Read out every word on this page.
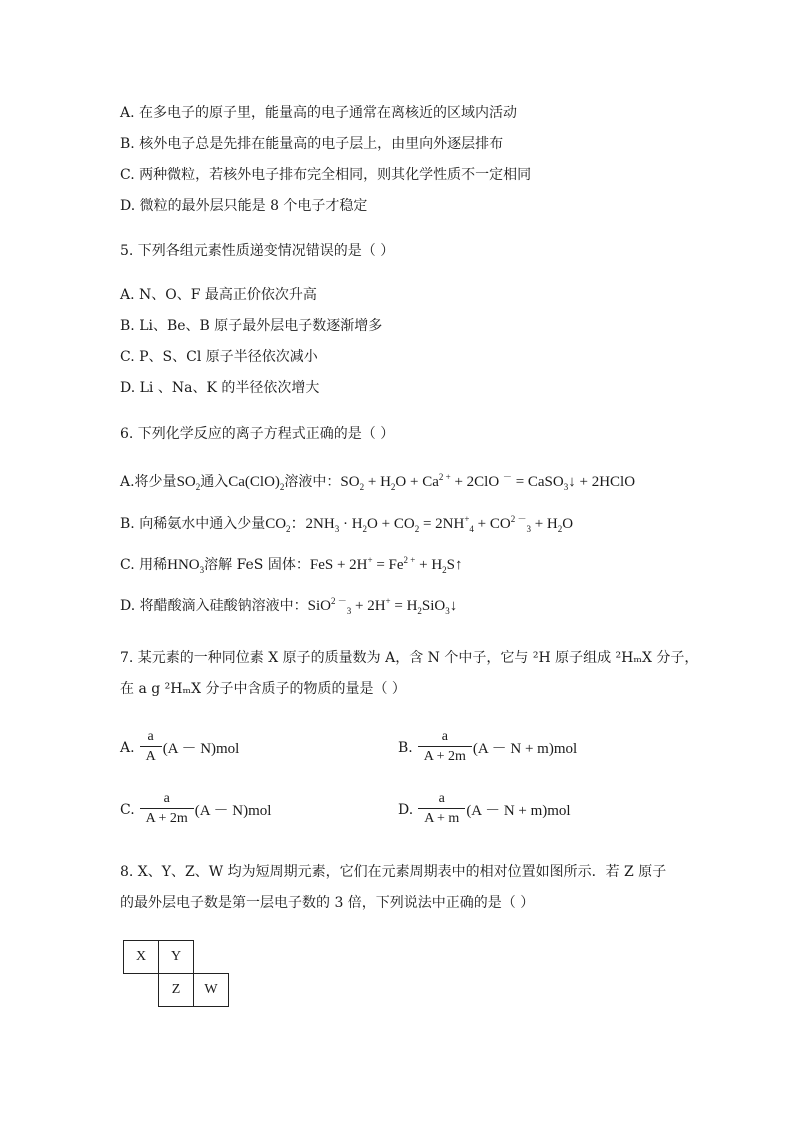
A. 在多电子的原子里，能量高的电子通常在离核近的区域内活动
B. 核外电子总是先排在能量高的电子层上，由里向外逐层排布
C. 两种微粒，若核外电子排布完全相同，则其化学性质不一定相同
D. 微粒的最外层只能是 8 个电子才稳定
5. 下列各组元素性质递变情况错误的是（ ）
A. N、O、F 最高正价依次升高
B. Li、Be、B 原子最外层电子数逐渐增多
C. P、S、Cl 原子半径依次减小
D. Li 、Na、K 的半径依次增大
6. 下列化学反应的离子方程式正确的是（ ）
A.将少量$SO_2$通入$Ca(ClO)_2$溶液中：$SO_2 + H_2O + Ca^{2 +} + 2ClO$ － = CaSO$_3$↓ + 2HClO
B. 向稀氨水中通入少量$CO_2$：$2NH_3 \cdot H_2O + CO_2 = 2NH^+_4 + CO^{2 -}_3 + H_2O$
C. 用稀$HNO_3$溶解 FeS 固体：FeS + $2H^+ = Fe^{2 +}$ + $H_2S↑$
D. 将醋酸滴入硅酸钠溶液中：$SiO^{2 -}_3 + 2H^+ = H_2SiO_3↓$
7. 某元素的一种同位素 X 原子的质量数为 A，含 N 个中子，它与 ²H 原子组成 ²HₘX 分子，
在 a g ²HₘX 分子中含质子的物质的量是（ ）
A. $\frac{a}{A} (A - N)mol$	B. $\frac{a}{A + 2m} (A - N + m)mol$
C. $\frac{a}{A + 2m} (A - N)mol$	D. $\frac{a}{A + m} (A - N + m)mol$
8. X、Y、Z、W 均为短周期元素，它们在元素周期表中的相对位置如图所示．若 Z 原子
的最外层电子数是第一层电子数的 3 倍，下列说法中正确的是（ ）
X	Y	
	Z	W
